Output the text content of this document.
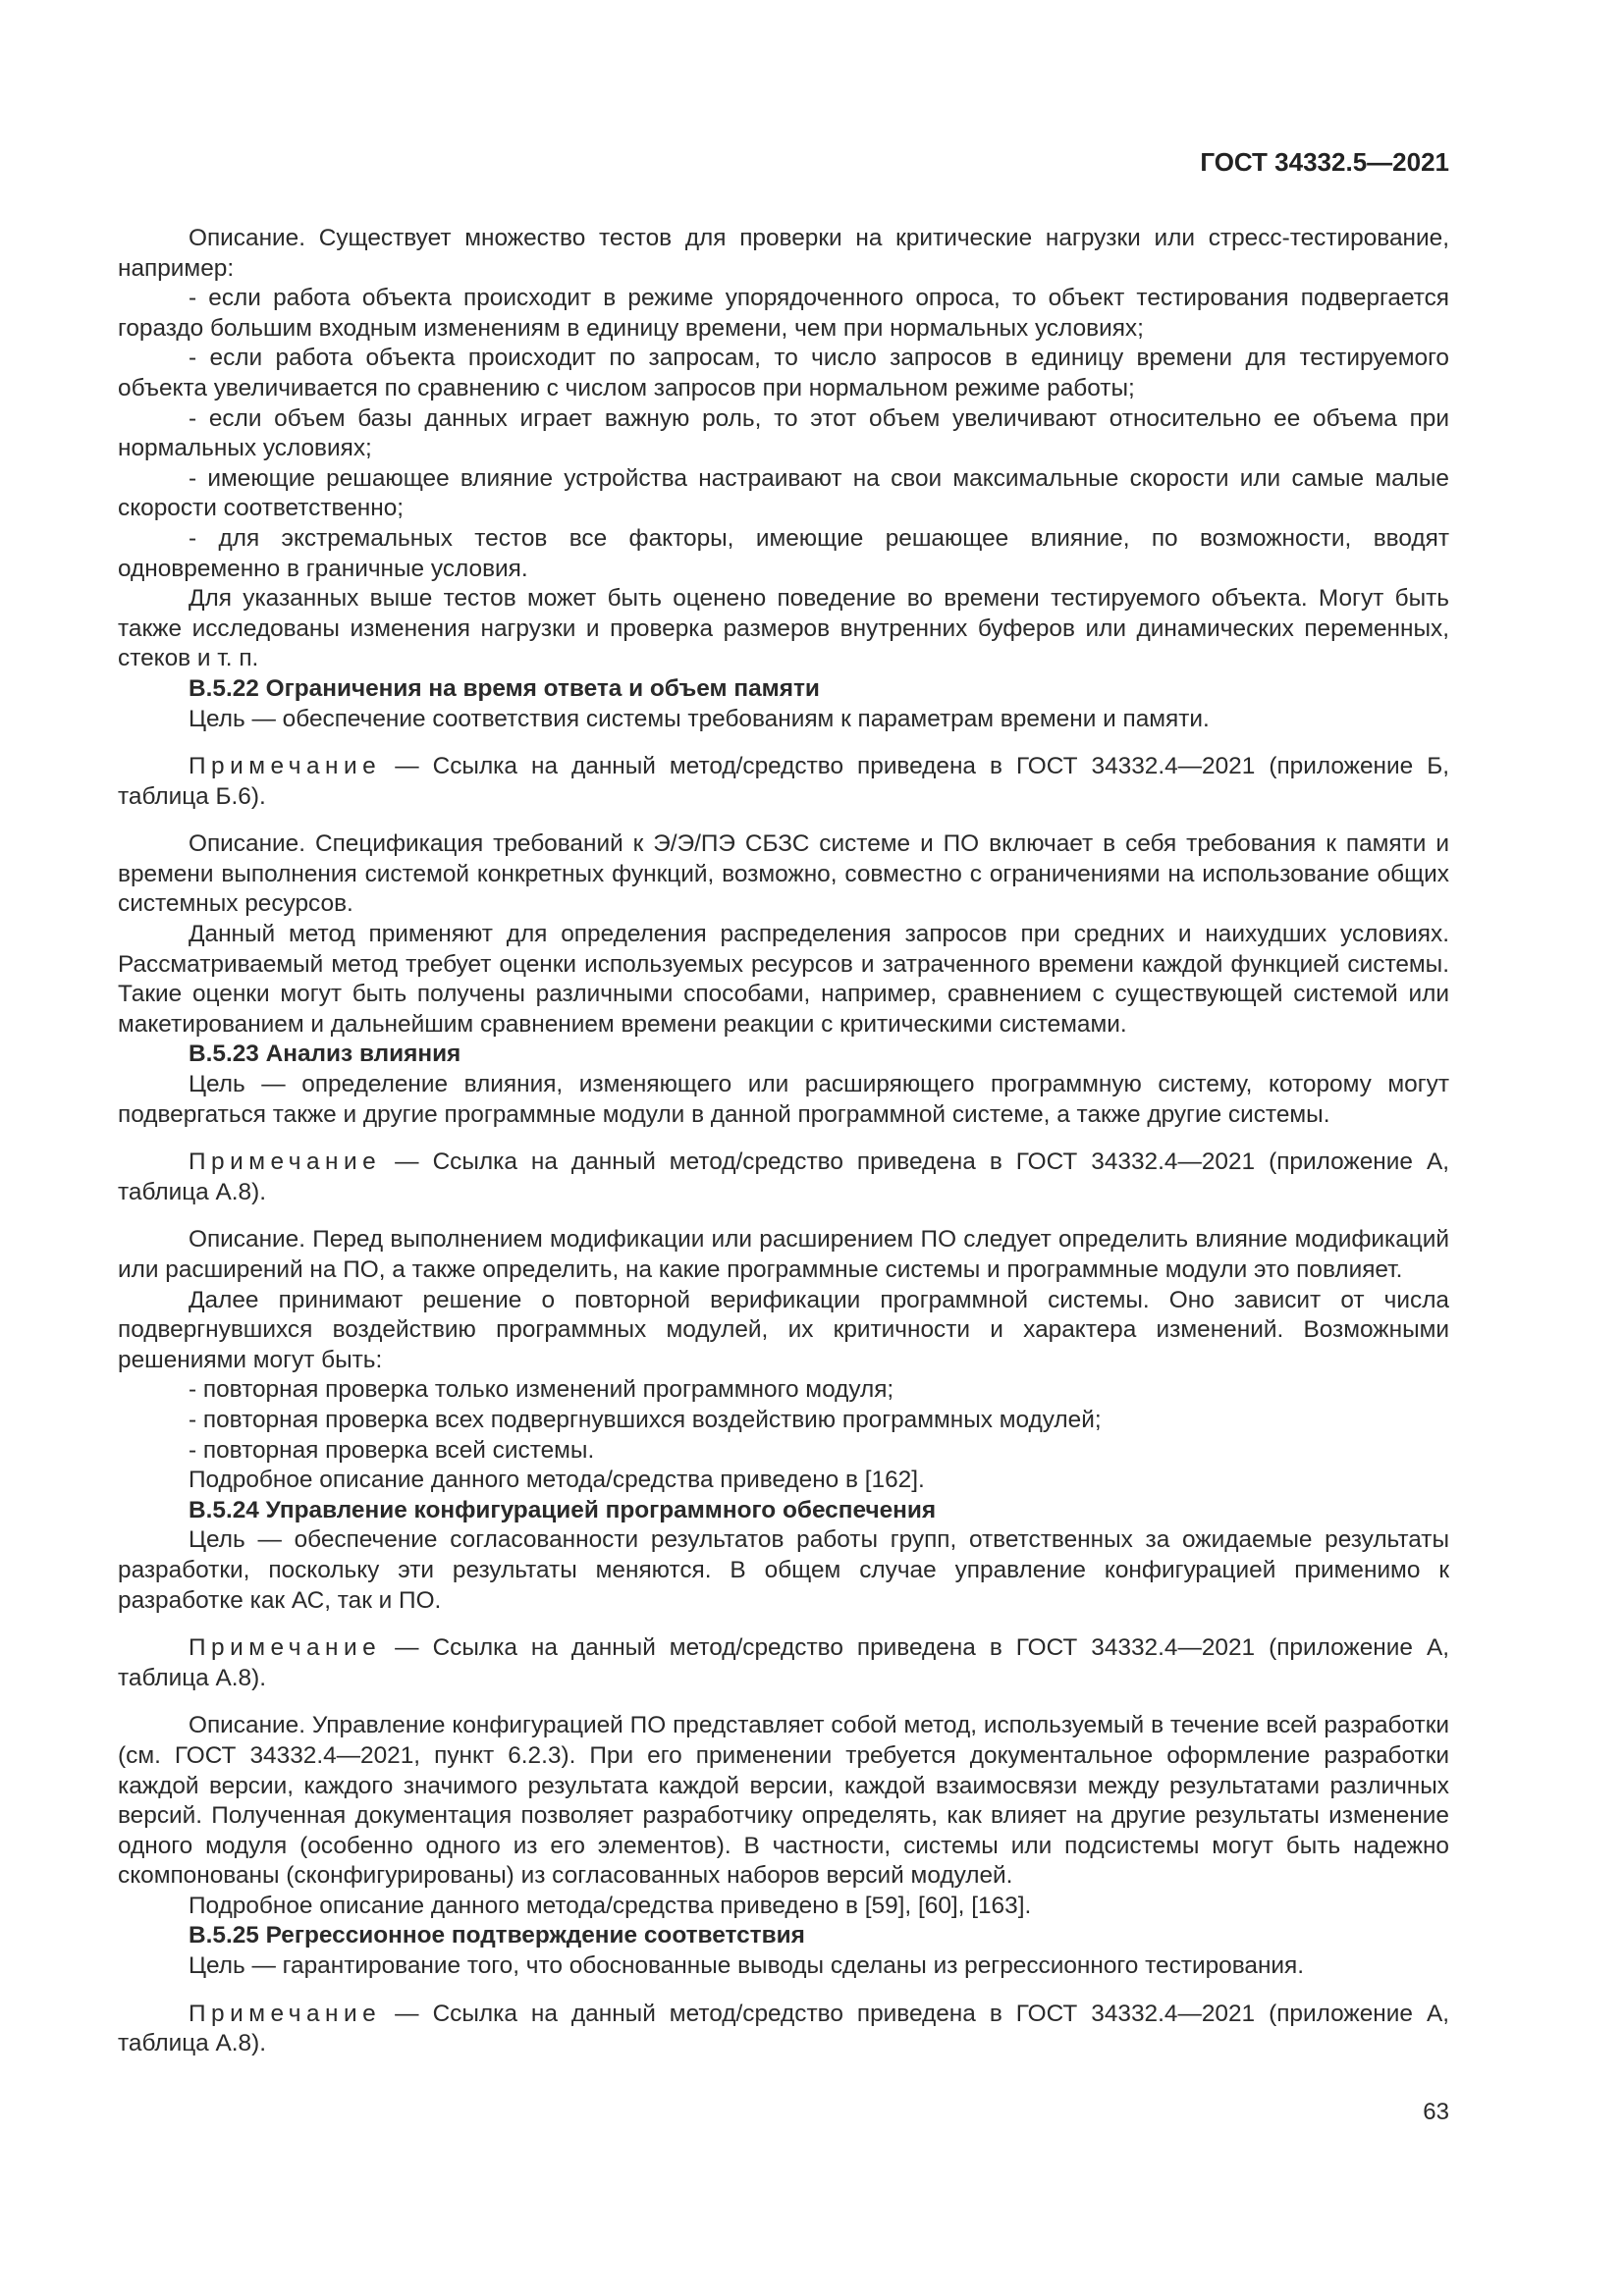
ГОСТ 34332.5—2021
Описание. Существует множество тестов для проверки на критические нагрузки или стресс-тестирование, например:
- если работа объекта происходит в режиме упорядоченного опроса, то объект тестирования подвергается гораздо большим входным изменениям в единицу времени, чем при нормальных условиях;
- если работа объекта происходит по запросам, то число запросов в единицу времени для тестируемого объекта увеличивается по сравнению с числом запросов при нормальном режиме работы;
- если объем базы данных играет важную роль, то этот объем увеличивают относительно ее объема при нормальных условиях;
- имеющие решающее влияние устройства настраивают на свои максимальные скорости или самые малые скорости соответственно;
- для экстремальных тестов все факторы, имеющие решающее влияние, по возможности, вводят одновременно в граничные условия.
Для указанных выше тестов может быть оценено поведение во времени тестируемого объекта. Могут быть также исследованы изменения нагрузки и проверка размеров внутренних буферов или динамических переменных, стеков и т. п.
В.5.22 Ограничения на время ответа и объем памяти
Цель — обеспечение соответствия системы требованиям к параметрам времени и памяти.
Примечание — Ссылка на данный метод/средство приведена в ГОСТ 34332.4—2021 (приложение Б, таблица Б.6).
Описание. Спецификация требований к Э/Э/ПЭ СБЗС системе и ПО включает в себя требования к памяти и времени выполнения системой конкретных функций, возможно, совместно с ограничениями на использование общих системных ресурсов.
Данный метод применяют для определения распределения запросов при средних и наихудших условиях. Рассматриваемый метод требует оценки используемых ресурсов и затраченного времени каждой функцией системы. Такие оценки могут быть получены различными способами, например, сравнением с существующей системой или макетированием и дальнейшим сравнением времени реакции с критическими системами.
В.5.23 Анализ влияния
Цель — определение влияния, изменяющего или расширяющего программную систему, которому могут подвергаться также и другие программные модули в данной программной системе, а также другие системы.
Примечание — Ссылка на данный метод/средство приведена в ГОСТ 34332.4—2021 (приложение А, таблица А.8).
Описание. Перед выполнением модификации или расширением ПО следует определить влияние модификаций или расширений на ПО, а также определить, на какие программные системы и программные модули это повлияет.
Далее принимают решение о повторной верификации программной системы. Оно зависит от числа подвергнувшихся воздействию программных модулей, их критичности и характера изменений. Возможными решениями могут быть:
- повторная проверка только изменений программного модуля;
- повторная проверка всех подвергнувшихся воздействию программных модулей;
- повторная проверка всей системы.
Подробное описание данного метода/средства приведено в [162].
В.5.24 Управление конфигурацией программного обеспечения
Цель — обеспечение согласованности результатов работы групп, ответственных за ожидаемые результаты разработки, поскольку эти результаты меняются. В общем случае управление конфигурацией применимо к разработке как АС, так и ПО.
Примечание — Ссылка на данный метод/средство приведена в ГОСТ 34332.4—2021 (приложение А, таблица А.8).
Описание. Управление конфигурацией ПО представляет собой метод, используемый в течение всей разработки (см. ГОСТ 34332.4—2021, пункт 6.2.3). При его применении требуется документальное оформление разработки каждой версии, каждого значимого результата каждой версии, каждой взаимосвязи между результатами различных версий. Полученная документация позволяет разработчику определять, как влияет на другие результаты изменение одного модуля (особенно одного из его элементов). В частности, системы или подсистемы могут быть надежно скомпонованы (сконфигурированы) из согласованных наборов версий модулей.
Подробное описание данного метода/средства приведено в [59], [60], [163].
В.5.25 Регрессионное подтверждение соответствия
Цель — гарантирование того, что обоснованные выводы сделаны из регрессионного тестирования.
Примечание — Ссылка на данный метод/средство приведена в ГОСТ 34332.4—2021 (приложение А, таблица А.8).
63
